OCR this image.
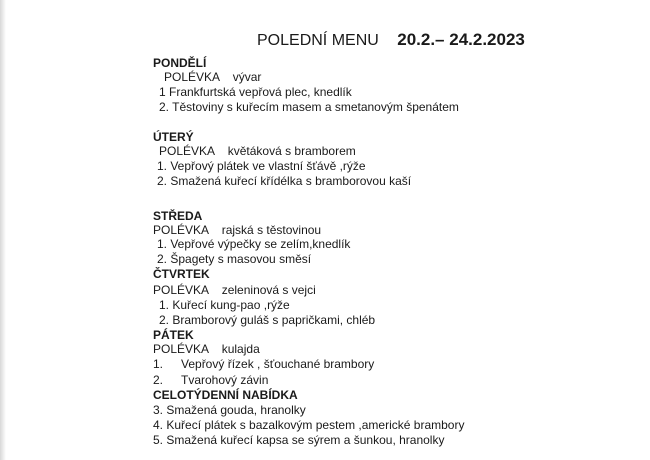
POLEDNÍ MENU 20.2.– 24.2.2023
PONDĚLÍ
POLÉVKA vývar
1 Frankfurtská vepřová plec, knedlík
2. Těstoviny s kuřecím masem a smetanovým špenátem
ÚTERÝ
POLÉVKA květáková s bramborem
1. Vepřový plátek ve vlastní šťávě ,rýže
2. Smažená kuřecí křídélka s bramborovou kaší
STŘEDA
POLÉVKA rajská s těstovinou
1. Vepřové výpečky se zelím,knedlík
2. Špagety s masovou směsí
ČTVRTEK
POLÉVKA zeleninová s vejci
1. Kuřecí kung-pao ,rýže
2. Bramborový guláš s papričkami, chléb
PÁTEK
POLÉVKA kulajda
1. Vepřový řízek , šťouchané brambory
2. Tvarohový závin
CELOTÝDENNÍ NABÍDKA
3. Smažená gouda, hranolky
4. Kuřecí plátek s bazalkovým pestem ,americké brambory
5. Smažená kuřecí kapsa se sýrem a šunkou, hranolky
